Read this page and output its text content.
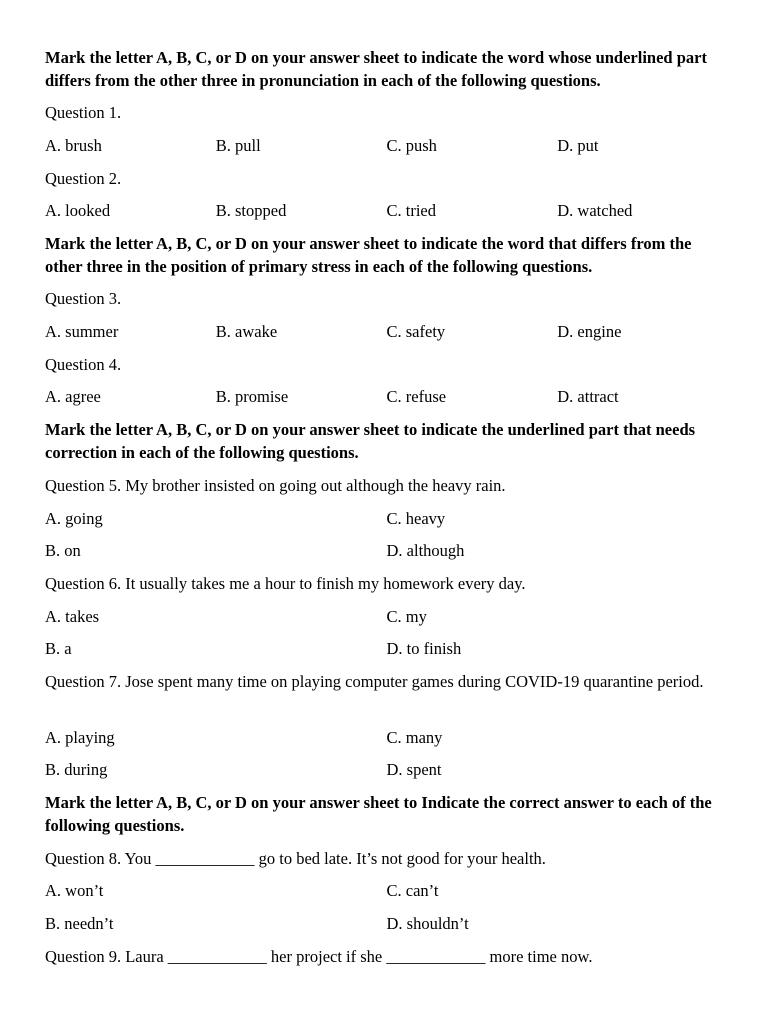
Mark the letter A, B, C, or D on your answer sheet to indicate the word whose underlined part differs from the other three in pronunciation in each of the following questions.
Question 1.
A. brush	B. pull	C. push	D. put
Question 2.
A. looked	B. stopped	C. tried	D. watched
Mark the letter A, B, C, or D on your answer sheet to indicate the word that differs from the other three in the position of primary stress in each of the following questions.
Question 3.
A. summer	B. awake	C. safety	D. engine
Question 4.
A. agree	B. promise	C. refuse	D. attract
Mark the letter A, B, C, or D on your answer sheet to indicate the underlined part that needs correction in each of the following questions.
Question 5. My brother insisted on going out although the heavy rain.
A. going	C. heavy
B. on	D. although
Question 6. It usually takes me a hour to finish my homework every day.
A. takes	C. my
B. a	D. to finish
Question 7. Jose spent many time on playing computer games during COVID-19 quarantine period.
A. playing	C. many
B. during	D. spent
Mark the letter A, B, C, or D on your answer sheet to Indicate the correct answer to each of the following questions.
Question 8. You ____________ go to bed late. It’s not good for your health.
A. won’t	C. can’t
B. needn’t	D. shouldn’t
Question 9. Laura ____________ her project if she ____________ more time now.
